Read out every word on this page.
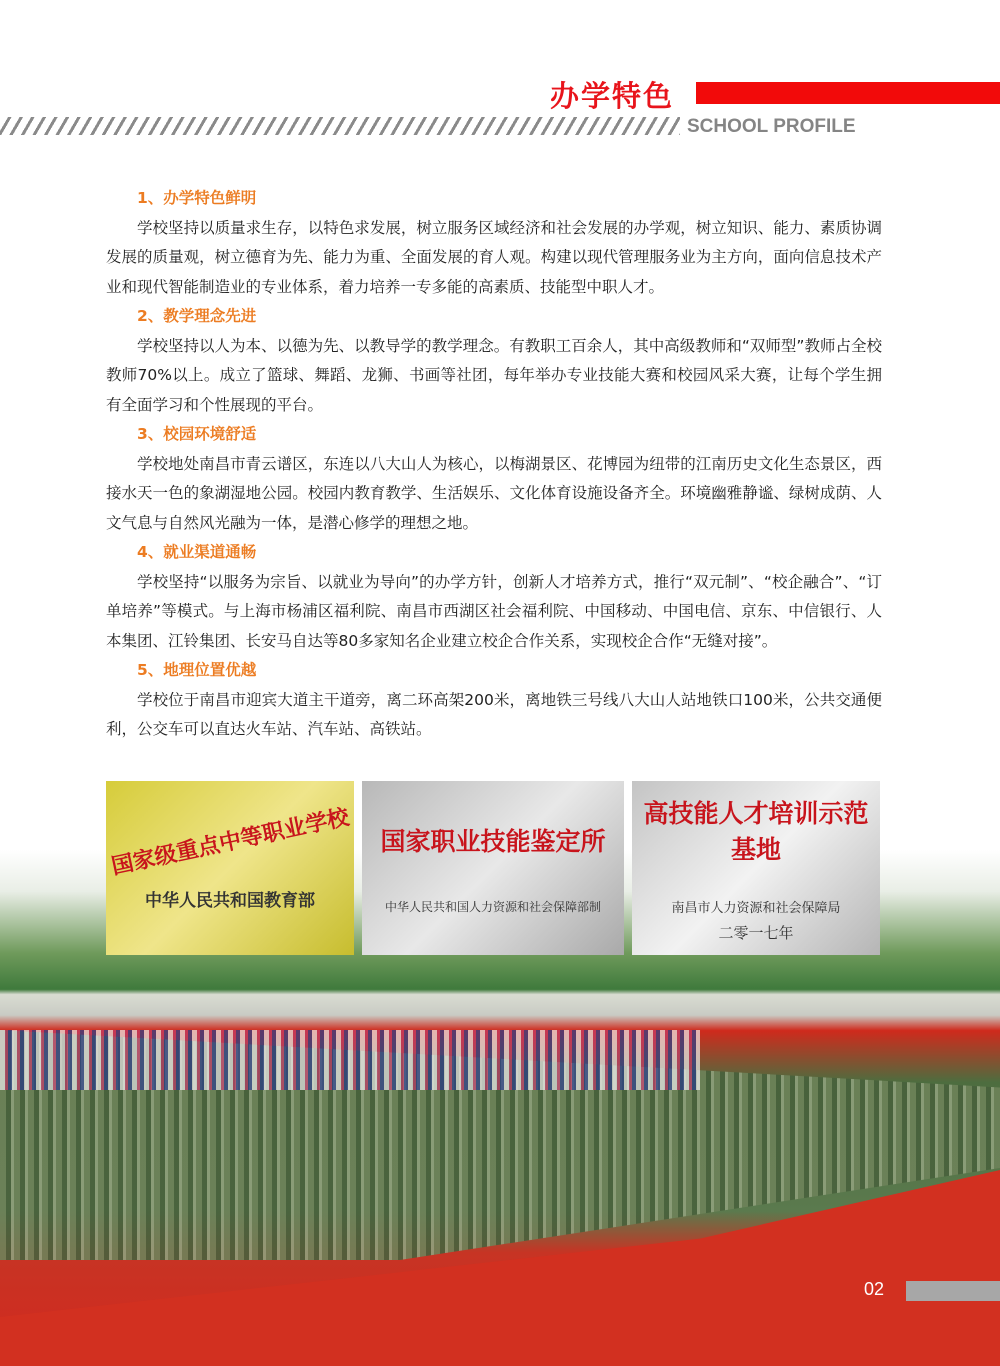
办学特色
SCHOOL PROFILE
1、办学特色鲜明

学校坚持以质量求生存，以特色求发展，树立服务区域经济和社会发展的办学观，树立知识、能力、素质协调发展的质量观，树立德育为先、能力为重、全面发展的育人观。构建以现代管理服务业为主方向，面向信息技术产业和现代智能制造业的专业体系，着力培养一专多能的高素质、技能型中职人才。

2、教学理念先进

学校坚持以人为本、以德为先、以教导学的教学理念。有教职工百余人，其中高级教师和“双师型”教师占全校教师70%以上。成立了篮球、舞蹈、龙狮、书画等社团，每年举办专业技能大赛和校园风采大赛，让每个学生拥有全面学习和个性展现的平台。

3、校园环境舒适

学校地处南昌市青云谱区，东连以八大山人为核心，以梅湖景区、花博园为纽带的江南历史文化生态景区，西接水天一色的象湖湿地公园。校园内教育教学、生活娱乐、文化体育设施设备齐全。环境幽雅静谧、绿树成荫、人文气息与自然风光融为一体，是潜心修学的理想之地。

4、就业渠道通畅

学校坚持“以服务为宗旨、以就业为导向”的办学方针，创新人才培养方式，推行“双元制”、“校企融合”、“订单培养”等模式。与上海市杨浦区福利院、南昌市西湖区社会福利院、中国移动、中国电信、京东、中信银行、人本集团、江铃集团、长安马自达等80多家知名企业建立校企合作关系，实现校企合作“无缝对接”。

5、地理位置优越

学校位于南昌市迎宾大道主干道旁，离二环高架200米，离地铁三号线八大山人站地铁口100米，公共交通便利，公交车可以直达火车站、汽车站、高铁站。

国家级重点中等职业学校
中华人民共和国教育部
国家职业技能鉴定所
中华人民共和国人力资源和社会保障部制
高技能人才培训示范基地
南昌市人力资源和社会保障局
二零一七年
02
